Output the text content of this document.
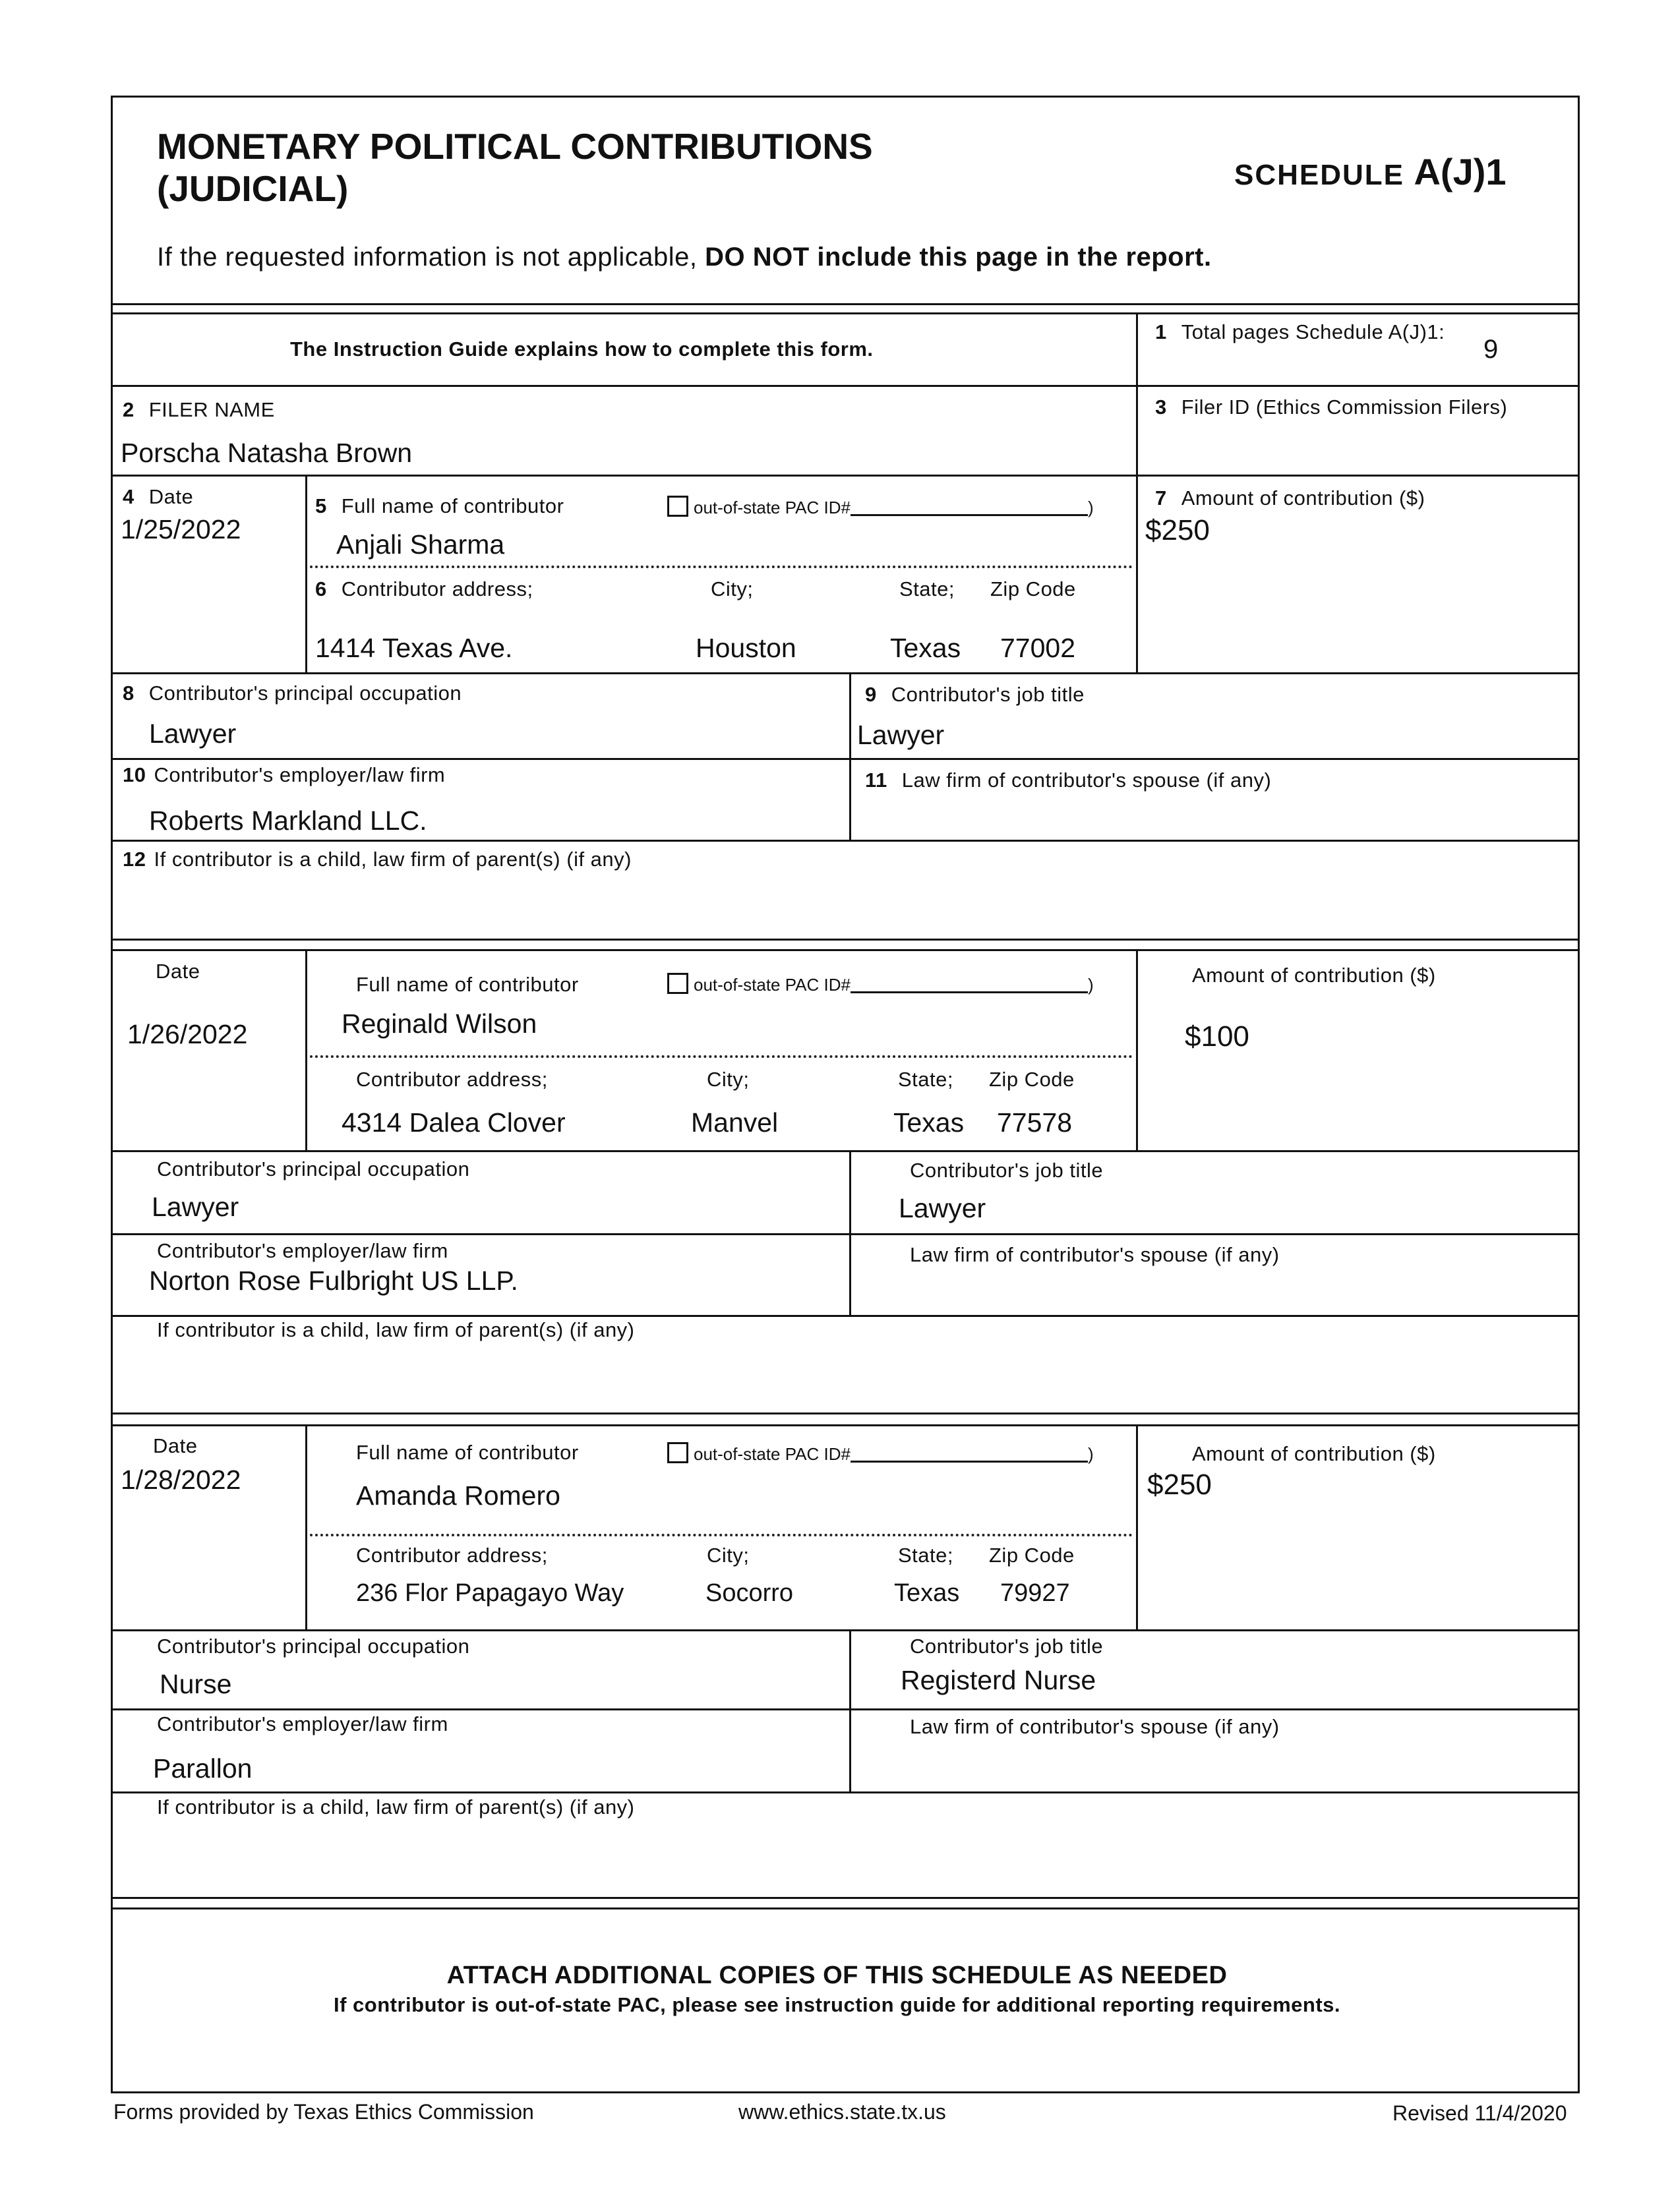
MONETARY POLITICAL CONTRIBUTIONS
(JUDICIAL)	SCHEDULE A(J)1
If the requested information is not applicable, DO NOT include this page in the report.
The Instruction Guide explains how to complete this form.
1 Total pages Schedule A(J)1:
9
2 FILER NAME
Porscha Natasha Brown
3 Filer ID (Ethics Commission Filers)
4 Date
1/25/2022
5 Full name of contributor	out-of-state PAC ID#	)
Anjali Sharma
6 Contributor address;	City;	State; Zip Code
1414 Texas Ave.	Houston	Texas 77002
7 Amount of contribution ($)
$250
8 Contributor's principal occupation
Lawyer
9 Contributor's job title
Lawyer
10 Contributor's employer/law firm
Roberts Markland LLC.
11 Law firm of contributor's spouse (if any)
12 If contributor is a child, law firm of parent(s) (if any)
Date
1/26/2022
Full name of contributor	out-of-state PAC ID#	)
Reginald Wilson
Contributor address;	City;	State; Zip Code
4314 Dalea Clover	Manvel	Texas 77578
Amount of contribution ($)
$100
Contributor's principal occupation
Lawyer
Contributor's job title
Lawyer
Contributor's employer/law firm
Norton Rose Fulbright US LLP.
Law firm of contributor's spouse (if any)
If contributor is a child, law firm of parent(s) (if any)
Date
1/28/2022
Full name of contributor	out-of-state PAC ID#	)
Amanda Romero
Contributor address;	City;	State; Zip Code
236 Flor Papagayo Way	Socorro	Texas 79927
Amount of contribution ($)
$250
Contributor's principal occupation
Nurse
Contributor's job title
Registerd Nurse
Contributor's employer/law firm
Parallon
Law firm of contributor's spouse (if any)
If contributor is a child, law firm of parent(s) (if any)
ATTACH ADDITIONAL COPIES OF THIS SCHEDULE AS NEEDED
If contributor is out-of-state PAC, please see instruction guide for additional reporting requirements.
Forms provided by Texas Ethics Commission	www.ethics.state.tx.us	Revised 11/4/2020
